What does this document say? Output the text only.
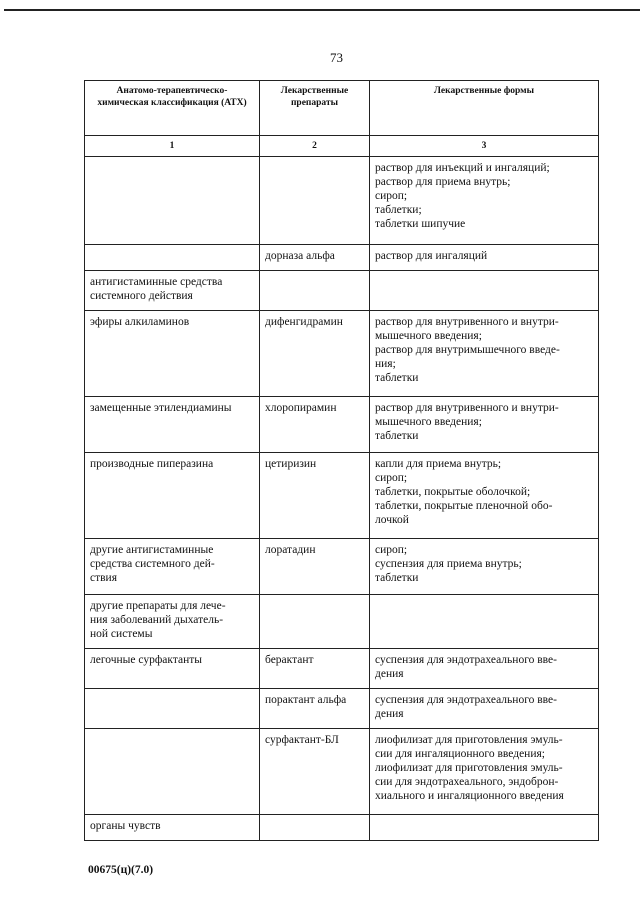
73
Анатомо-терапевтическо- химическая классификация (АТХ)	Лекарственные препараты	Лекарственные формы
1	2	3

		раствор для инъекций и ингаляций;
раствор для приема внутрь;
сироп;
таблетки;
таблетки шипучие

	дорназа альфа	раствор для ингаляций

антигистаминные средства
системного действия		

эфиры алкиламинов	дифенгидрамин	раствор для внутривенного и внутри-
мышечного введения;
раствор для внутримышечного введе-
ния;
таблетки

замещенные этилендиамины	хлоропирамин	раствор для внутривенного и внутри-
мышечного введения;
таблетки

производные пиперазина	цетиризин	капли для приема внутрь;
сироп;
таблетки, покрытые оболочкой;
таблетки, покрытые пленочной обо-
лочкой

другие антигистаминные
средства системного дей-
ствия	лоратадин	сироп;
суспензия для приема внутрь;
таблетки

другие препараты для лече-
ния заболеваний дыхатель-
ной системы		

легочные сурфактанты	берактант	суспензия для эндотрахеального вве-
дения

	порактант альфа	суспензия для эндотрахеального вве-
дения

	сурфактант-БЛ	лиофилизат для приготовления эмуль-
сии для ингаляционного введения;
лиофилизат для приготовления эмуль-
сии для эндотрахеального, эндоброн-
хиального и ингаляционного введения

органы чувств		

00675(ц)(7.0)
